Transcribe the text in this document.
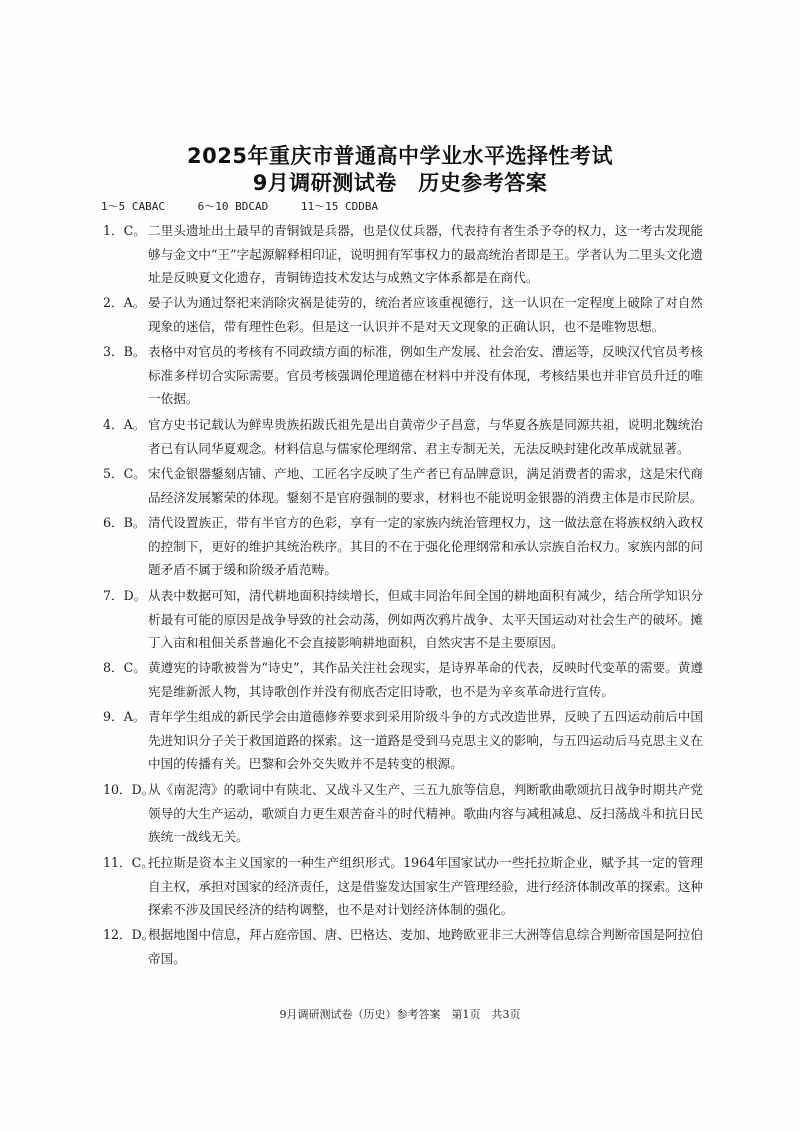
2025年重庆市普通高中学业水平选择性考试
9月调研测试卷　历史参考答案
1～5 CABAC	6～10 BDCAD	11～15 CDDBA

1．C。 二里头遗址出土最早的青铜钺是兵器，也是仪仗兵器，代表持有者生杀予夺的权力，这一考古发现能够与金文中“王”字起源解释相印证，说明拥有军事权力的最高统治者即是王。学者认为二里头文化遗址是反映夏文化遗存，青铜铸造技术发达与成熟文字体系都是在商代。

2．A。 晏子认为通过祭祀来消除灾祸是徒劳的，统治者应该重视德行，这一认识在一定程度上破除了对自然现象的迷信，带有理性色彩。但是这一认识并不是对天文现象的正确认识，也不是唯物思想。

3．B。 表格中对官员的考核有不同政绩方面的标准，例如生产发展、社会治安、漕运等，反映汉代官员考核标准多样切合实际需要。官员考核强调伦理道德在材料中并没有体现，考核结果也并非官员升迁的唯一依据。

4．A。 官方史书记载认为鲜卑贵族拓跋氏祖先是出自黄帝少子昌意，与华夏各族是同源共祖，说明北魏统治者已有认同华夏观念。材料信息与儒家伦理纲常、君主专制无关，无法反映封建化改革成就显著。

5．C。 宋代金银器鋬刻店铺、产地、工匠名字反映了生产者已有品牌意识，满足消费者的需求，这是宋代商品经济发展繁荣的体现。鋬刻不是官府强制的要求，材料也不能说明金银器的消费主体是市民阶层。

6．B。 清代设置族正，带有半官方的色彩，享有一定的家族内统治管理权力，这一做法意在将族权纳入政权的控制下，更好的维护其统治秩序。其目的不在于强化伦理纲常和承认宗族自治权力。家族内部的问题矛盾不属于缓和阶级矛盾范畴。

7．D。 从表中数据可知，清代耕地面积持续增长，但咸丰同治年间全国的耕地面积有减少，结合所学知识分析最有可能的原因是战争导致的社会动荡，例如两次鸦片战争、太平天国运动对社会生产的破坏。摊丁入亩和租佃关系普遍化不会直接影响耕地面积，自然灾害不是主要原因。

8．C。 黄遵宪的诗歌被誉为“诗史”，其作品关注社会现实，是诗界革命的代表，反映时代变革的需要。黄遵宪是维新派人物，其诗歌创作并没有彻底否定旧诗歌，也不是为辛亥革命进行宣传。

9．A。 青年学生组成的新民学会由道德修养要求到采用阶级斗争的方式改造世界，反映了五四运动前后中国先进知识分子关于救国道路的探索。这一道路是受到马克思主义的影响，与五四运动后马克思主义在中国的传播有关。巴黎和会外交失败并不是转变的根源。

10．D。
从《南泥湾》的歌词中有陕北、又战斗又生产、三五九旅等信息，判断歌曲歌颂抗日战争时期共产党领导的大生产运动，歌颂自力更生艰苦奋斗的时代精神。歌曲内容与减租减息、反扫荡战斗和抗日民族统一战线无关。

11．C。
托拉斯是资本主义国家的一种生产组织形式。1964年国家试办一些托拉斯企业，赋予其一定的管理自主权，承担对国家的经济责任，这是借鉴发达国家生产管理经验，进行经济体制改革的探索。这种探索不涉及国民经济的结构调整，也不是对计划经济体制的强化。

12．D。
根据地图中信息，拜占庭帝国、唐、巴格达、麦加、地跨欧亚非三大洲等信息综合判断帝国是阿拉伯帝国。

9月调研测试卷（历史）参考答案　第1页　共3页
